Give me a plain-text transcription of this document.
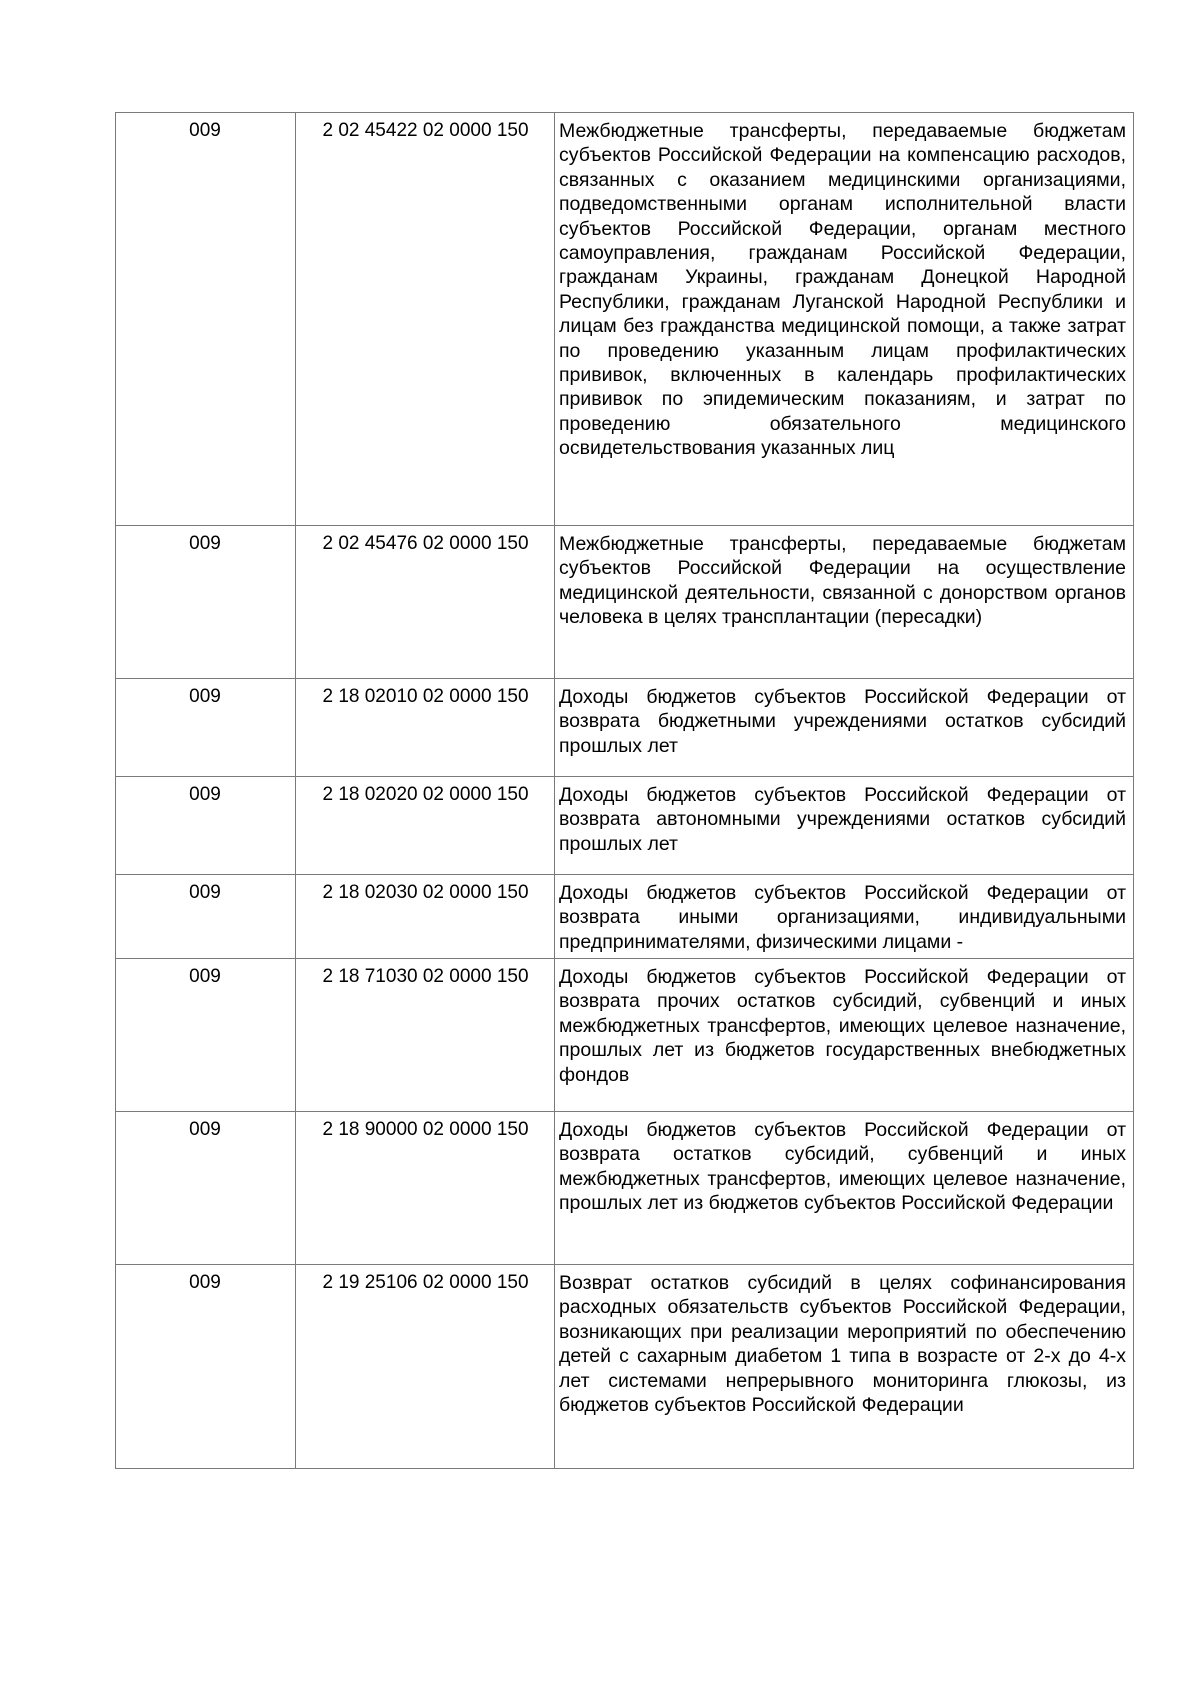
009	2 02 45422 02 0000 150	Межбюджетные трансферты, передаваемые бюджетам субъектов Российской Федерации на компенсацию расходов, связанных с оказанием медицинскими организациями, подведомственными органам исполнительной власти субъектов Российской Федерации, органам местного самоуправления, гражданам Российской Федерации, гражданам Украины, гражданам Донецкой Народной Республики, гражданам Луганской Народной Республики и лицам без гражданства медицинской помощи, а также затрат по проведению указанным лицам профилактических прививок, включенных в календарь профилактических прививок по эпидемическим показаниям, и затрат по проведению обязательного медицинского освидетельствования указанных лиц
009	2 02 45476 02 0000 150	Межбюджетные трансферты, передаваемые бюджетам субъектов Российской Федерации на осуществление медицинской деятельности, связанной с донорством органов человека в целях трансплантации (пересадки)
009	2 18 02010 02 0000 150	Доходы бюджетов субъектов Российской Федерации от возврата бюджетными учреждениями остатков субсидий прошлых лет
009	2 18 02020 02 0000 150	Доходы бюджетов субъектов Российской Федерации от возврата автономными учреждениями остатков субсидий прошлых лет
009	2 18 02030 02 0000 150	Доходы бюджетов субъектов Российской Федерации от возврата иными организациями, индивидуальными предпринимателями, физическими лицами -
009	2 18 71030 02 0000 150	Доходы бюджетов субъектов Российской Федерации от возврата прочих остатков субсидий, субвенций и иных межбюджетных трансфертов, имеющих целевое назначение, прошлых лет из бюджетов государственных внебюджетных фондов
009	2 18 90000 02 0000 150	Доходы бюджетов субъектов Российской Федерации от возврата остатков субсидий, субвенций и иных межбюджетных трансфертов, имеющих целевое назначение, прошлых лет из бюджетов субъектов Российской Федерации
009	2 19 25106 02 0000 150	Возврат остатков субсидий в целях софинансирования расходных обязательств субъектов Российской Федерации, возникающих при реализации мероприятий по обеспечению детей с сахарным диабетом 1 типа в возрасте от 2-х до 4-х лет системами непрерывного мониторинга глюкозы, из бюджетов субъектов Российской Федерации
